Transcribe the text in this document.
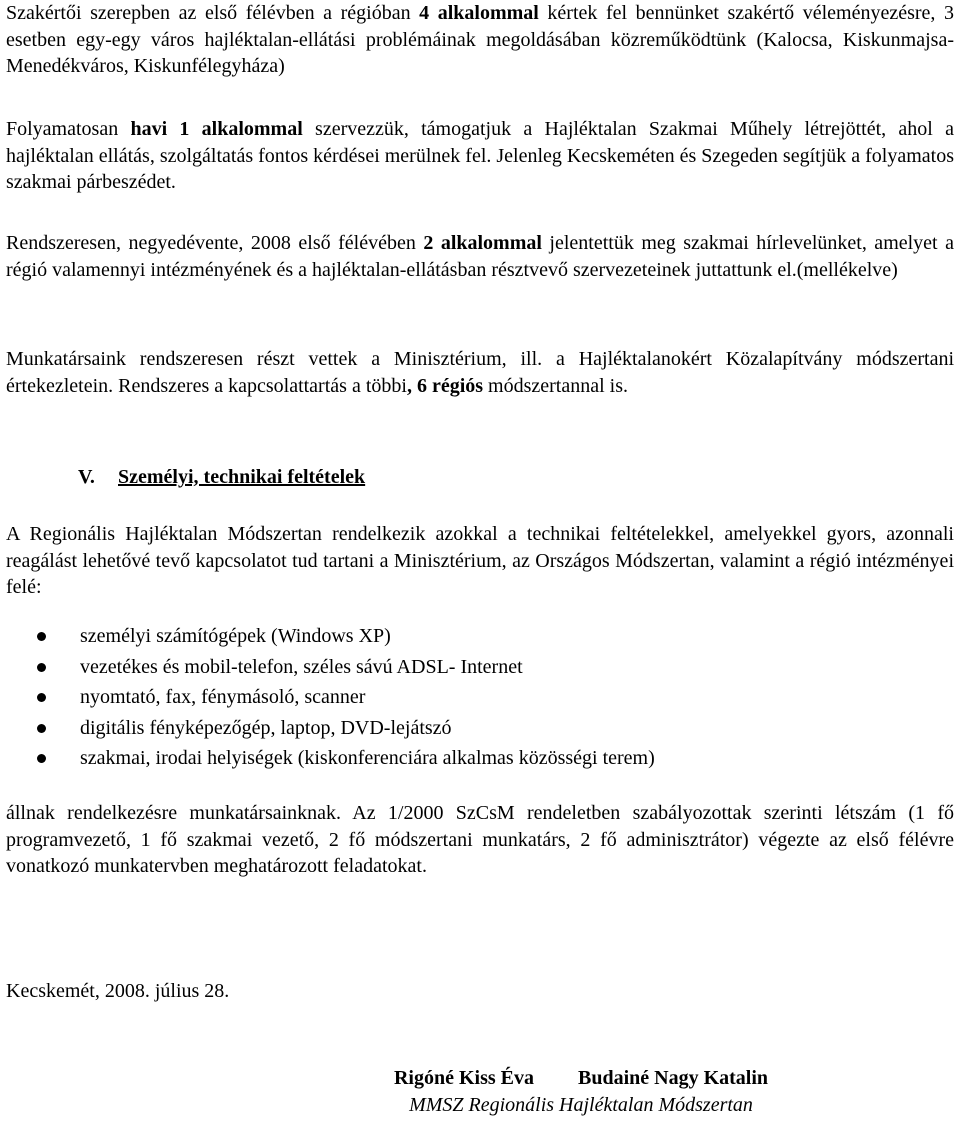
Szakértői szerepben az első félévben a régióban 4 alkalommal kértek fel bennünket szakértő véleményezésre, 3 esetben egy-egy város hajléktalan-ellátási problémáinak megoldásában közreműködtünk (Kalocsa, Kiskunmajsa- Menedékváros, Kiskunfélegyháza)

Folyamatosan havi 1 alkalommal szervezzük, támogatjuk a Hajléktalan Szakmai Műhely létrejöttét, ahol a hajléktalan ellátás, szolgáltatás fontos kérdései merülnek fel. Jelenleg Kecskeméten és Szegeden segítjük a folyamatos szakmai párbeszédet.

Rendszeresen, negyedévente, 2008 első félévében 2 alkalommal jelentettük meg szakmai hírlevelünket, amelyet a régió valamennyi intézményének és a hajléktalan-ellátásban résztvevő szervezeteinek juttattunk el.(mellékelve)

Munkatársaink rendszeresen részt vettek a Minisztérium, ill. a Hajléktalanokért Közalapítvány módszertani értekezletein. Rendszeres a kapcsolattartás a többi, 6 régiós módszertannal is.

V. Személyi, technikai feltételek

A Regionális Hajléktalan Módszertan rendelkezik azokkal a technikai feltételekkel, amelyekkel gyors, azonnali reagálást lehetővé tevő kapcsolatot tud tartani a Minisztérium, az Országos Módszertan, valamint a régió intézményei felé:

személyi számítógépek (Windows XP)
vezetékes és mobil-telefon, széles sávú ADSL- Internet
nyomtató, fax, fénymásoló, scanner
digitális fényképezőgép, laptop, DVD-lejátszó
szakmai, irodai helyiségek (kiskonferenciára alkalmas közösségi terem)

állnak rendelkezésre munkatársainknak. Az 1/2000 SzCsM rendeletben szabályozottak szerinti létszám (1 fő programvezető, 1 fő szakmai vezető, 2 fő módszertani munkatárs, 2 fő adminisztrátor) végezte az első félévre vonatkozó munkatervben meghatározott feladatokat.

Kecskemét, 2008. július 28.

Rigóné Kiss Éva Budainé Nagy Katalin

MMSZ Regionális Hajléktalan Módszertan
